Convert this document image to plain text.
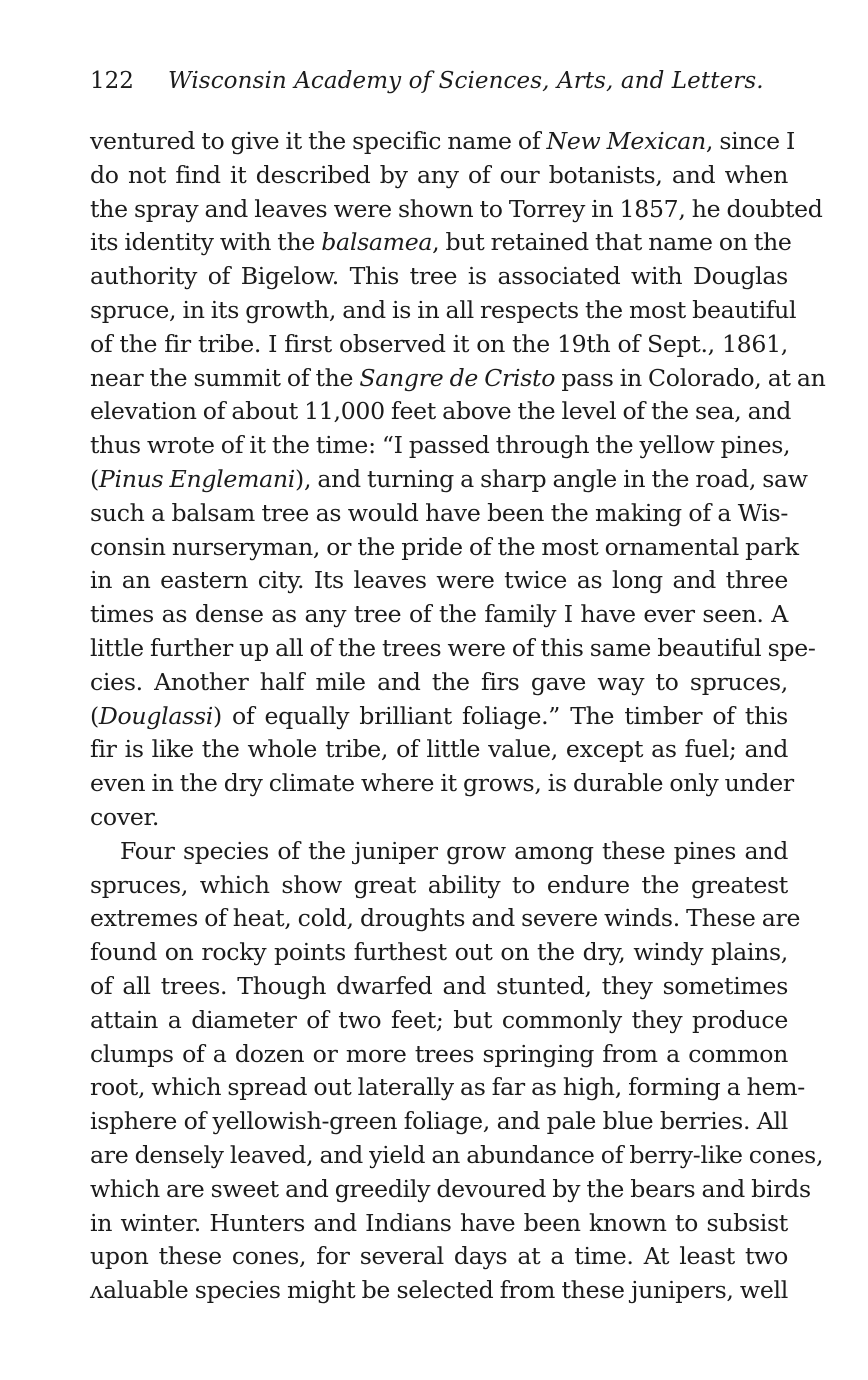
122 Wisconsin Academy of Sciences, Arts, and Letters.
ventured to give it the specific name of New Mexican, since I
do not find it described by any of our botanists, and when
the spray and leaves were shown to Torrey in 1857, he doubted
its identity with the balsamea, but retained that name on the
authority of Bigelow. This tree is associated with Douglas
spruce, in its growth, and is in all respects the most beautiful
of the fir tribe. I first observed it on the 19th of Sept., 1861,
near the summit of the Sangre de Cristo pass in Colorado, at an
elevation of about 11,000 feet above the level of the sea, and
thus wrote of it the time: “I passed through the yellow pines,
(Pinus Englemani), and turning a sharp angle in the road, saw
such a balsam tree as would have been the making of a Wis-
consin nurseryman, or the pride of the most ornamental park
in an eastern city. Its leaves were twice as long and three
times as dense as any tree of the family I have ever seen. A
little further up all of the trees were of this same beautiful spe-
cies. Another half mile and the firs gave way to spruces,
(Douglassi) of equally brilliant foliage.” The timber of this
fir is like the whole tribe, of little value, except as fuel; and
even in the dry climate where it grows, is durable only under
cover.
Four species of the juniper grow among these pines and
spruces, which show great ability to endure the greatest
extremes of heat, cold, droughts and severe winds. These are
found on rocky points furthest out on the dry, windy plains,
of all trees. Though dwarfed and stunted, they sometimes
attain a diameter of two feet; but commonly they produce
clumps of a dozen or more trees springing from a common
root, which spread out laterally as far as high, forming a hem-
isphere of yellowish-green foliage, and pale blue berries. All
are densely leaved, and yield an abundance of berry-like cones,
which are sweet and greedily devoured by the bears and birds
in winter. Hunters and Indians have been known to subsist
upon these cones, for several days at a time. At least two
ʌaluable species might be selected from these junipers, well
